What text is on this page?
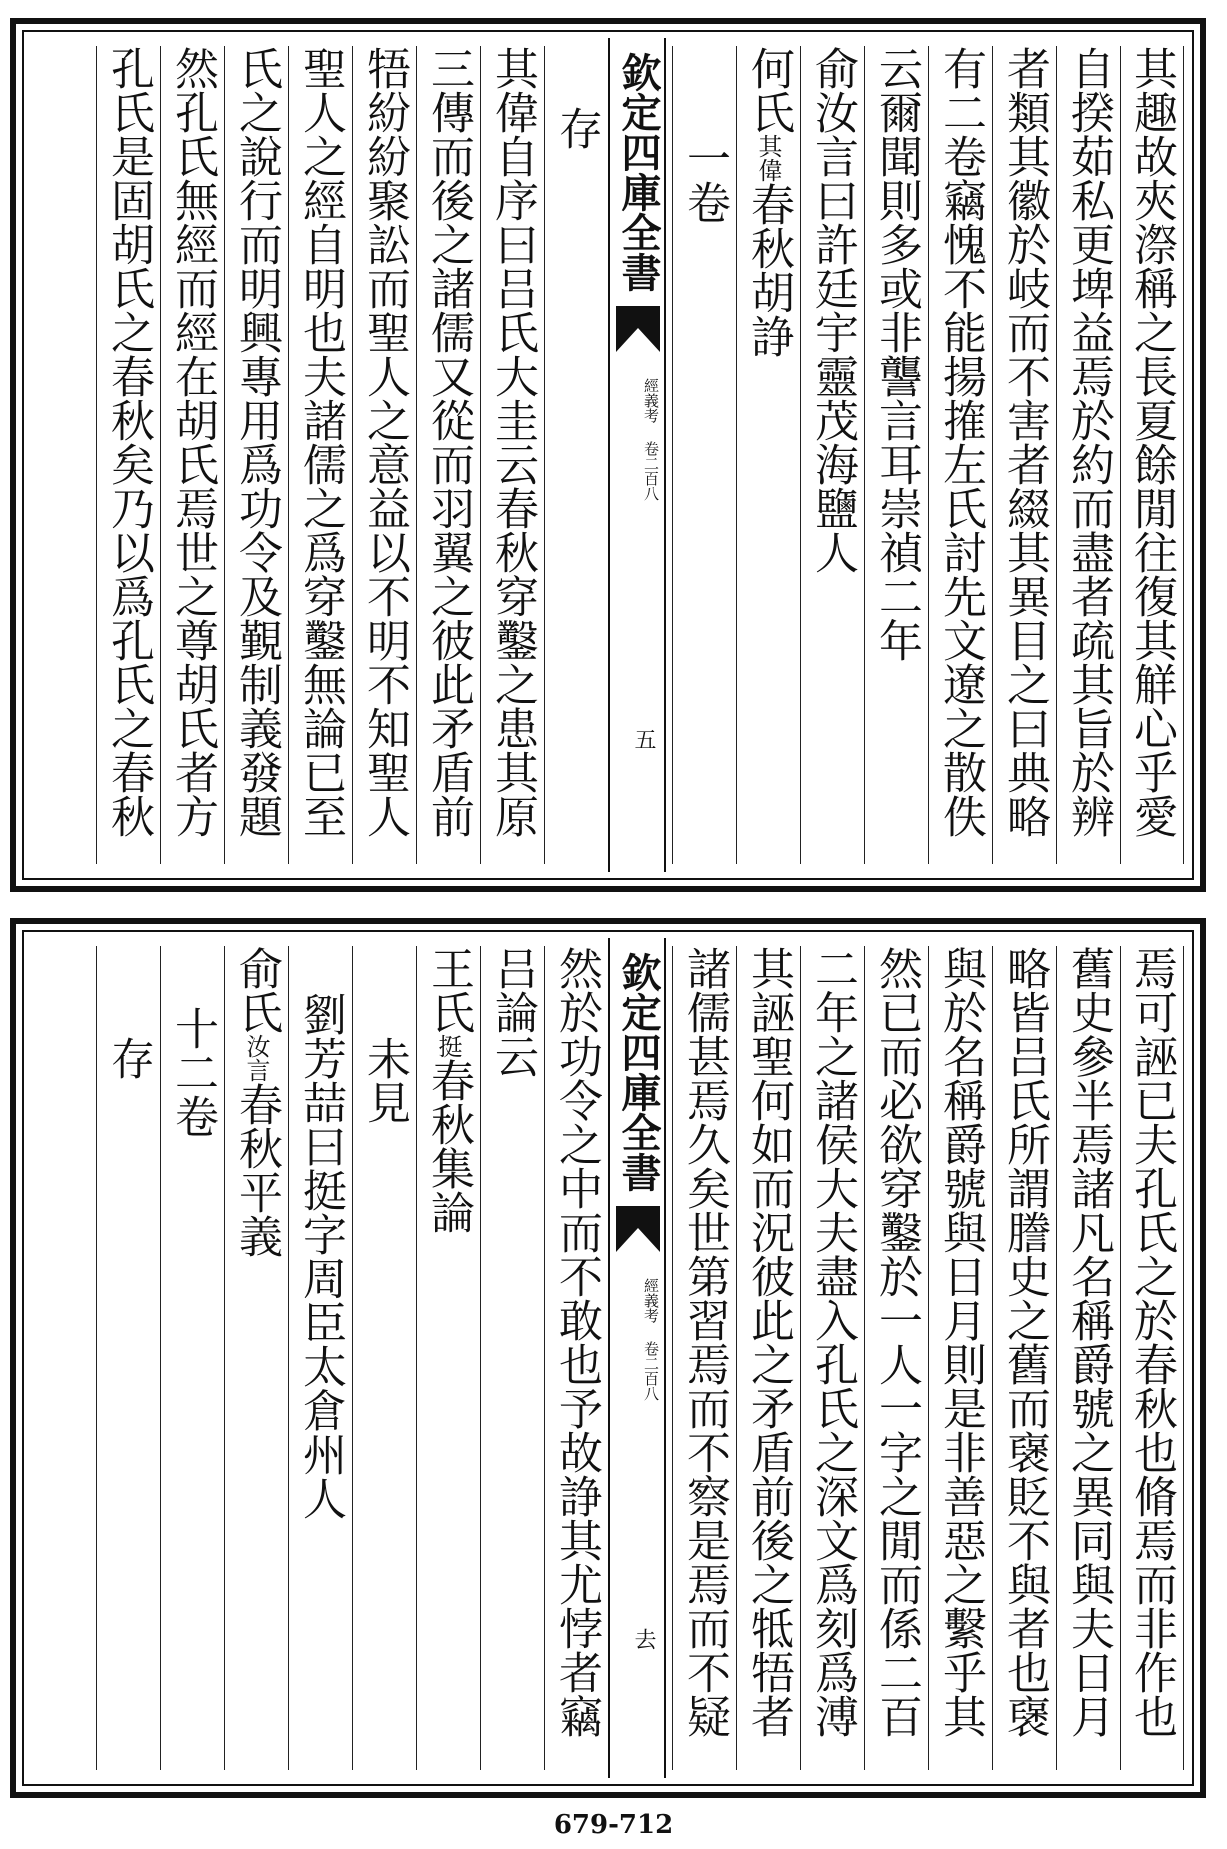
其趣故夾漈稱之長夏餘閒往復其觧心乎愛
自揆茹私更埤益焉於約而盡者疏其旨於辨
者類其徽於岐而不害者綴其異目之曰典略
有二卷竊愧不能揚搉左氏討先文遼之散佚
云爾聞則多或非讋言耳崇禎二年
俞汝言曰許廷宇靈茂海鹽人
何氏其偉春秋胡諍
一卷
欽定四庫全書
經義考 卷二百八
五
存
其偉自序曰吕氏大圭云春秋穿鑿之患其原
三傳而後之諸儒又從而羽翼之彼此矛盾前
牾紛紛聚訟而聖人之意益以不明不知聖人
聖人之經自明也夫諸儒之爲穿鑿無論已至
氏之說行而明興專用爲功令及覲制義發題
然孔氏無經而經在胡氏焉世之尊胡氏者方
孔氏是固胡氏之春秋矣乃以爲孔氏之春秋
焉可誣已夫孔氏之於春秋也脩焉而非作也
舊史參半焉諸凡名稱爵號之異同與夫日月
略皆吕氏所謂謄史之舊而襃貶不與者也襃
與於名稱爵號與日月則是非善惡之繫乎其
然已而必欲穿鑿於一人一字之閒而係二百
二年之諸侯大夫盡入孔氏之深文爲刻爲溥
其誣聖何如而況彼此之矛盾前後之牴牾者
諸儒甚焉久矣世第習焉而不察是焉而不疑
欽定四庫全書
經義考 卷二百八
去
然於功令之中而不敢也予故諍其尤悖者竊
吕論云
王氏挺春秋集論
未見
劉芳喆曰挺字周臣太倉州人
俞氏汝言春秋平義
十二卷
存
679-712
